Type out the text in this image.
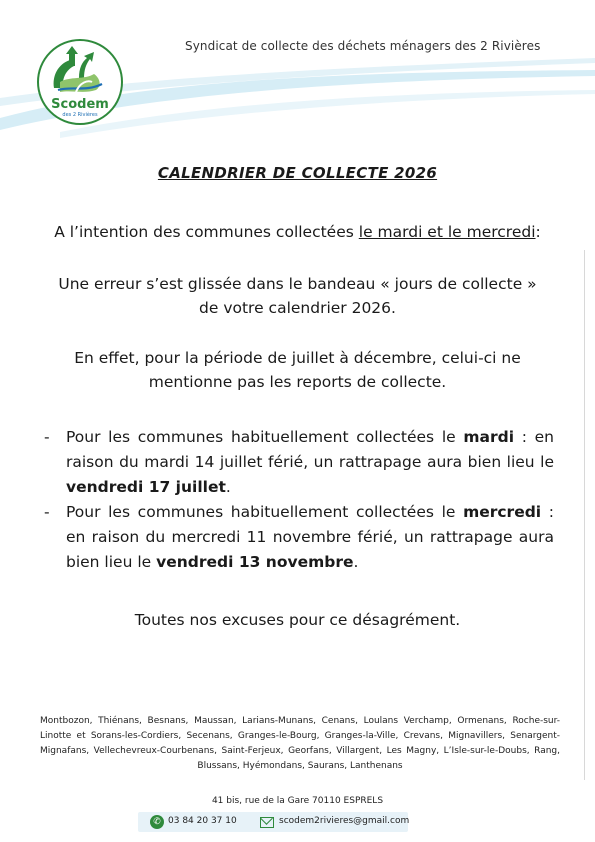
Scodem
des 2 Rivières
Syndicat de collecte des déchets ménagers des 2 Rivières
CALENDRIER DE COLLECTE 2026
A l’intention des communes collectées le mardi et le mercredi:
Une erreur s’est glissée dans le bandeau « jours de collecte »
de votre calendrier 2026.
En effet, pour la période de juillet à décembre, celui-ci ne
mentionne pas les reports de collecte.
- Pour les communes habituellement collectées le mardi : en raison du mardi 14 juillet férié, un rattrapage aura bien lieu le vendredi 17 juillet.
- Pour les communes habituellement collectées le mercredi : en raison du mercredi 11 novembre férié, un rattrapage aura bien lieu le vendredi 13 novembre.
Toutes nos excuses pour ce désagrément.
Montbozon, Thiénans, Besnans, Maussan, Larians-Munans, Cenans, Loulans Verchamp, Ormenans, Roche-sur-Linotte et Sorans-les-Cordiers, Secenans, Granges-le-Bourg, Granges-la-Ville, Crevans, Mignavillers, Senargent-Mignafans, Vellechevreux-Courbenans, Saint-Ferjeux, Georfans, Villargent, Les Magny, L’Isle-sur-le-Doubs, Rang, Blussans, Hyémondans, Saurans, Lanthenans
41 bis, rue de la Gare 70110 ESPRELS
✆ 03 84 20 37 10	scodem2rivieres@gmail.com
